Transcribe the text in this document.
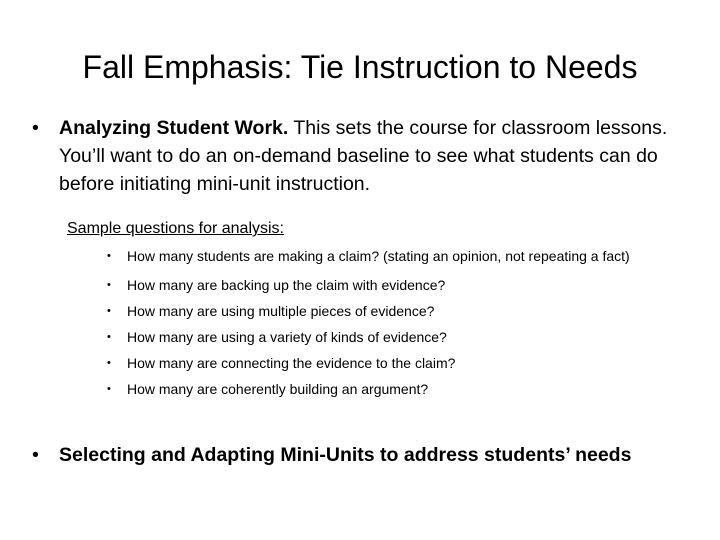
Fall Emphasis: Tie Instruction to Needs
• Analyzing Student Work. This sets the course for classroom lessons. You’ll want to do an on-demand baseline to see what students can do before initiating mini-unit instruction.
Sample questions for analysis:
• How many students are making a claim? (stating an opinion, not repeating a fact)
• How many are backing up the claim with evidence?
• How many are using multiple pieces of evidence?
• How many are using a variety of kinds of evidence?
• How many are connecting the evidence to the claim?
• How many are coherently building an argument?
• Selecting and Adapting Mini-Units to address students’ needs
